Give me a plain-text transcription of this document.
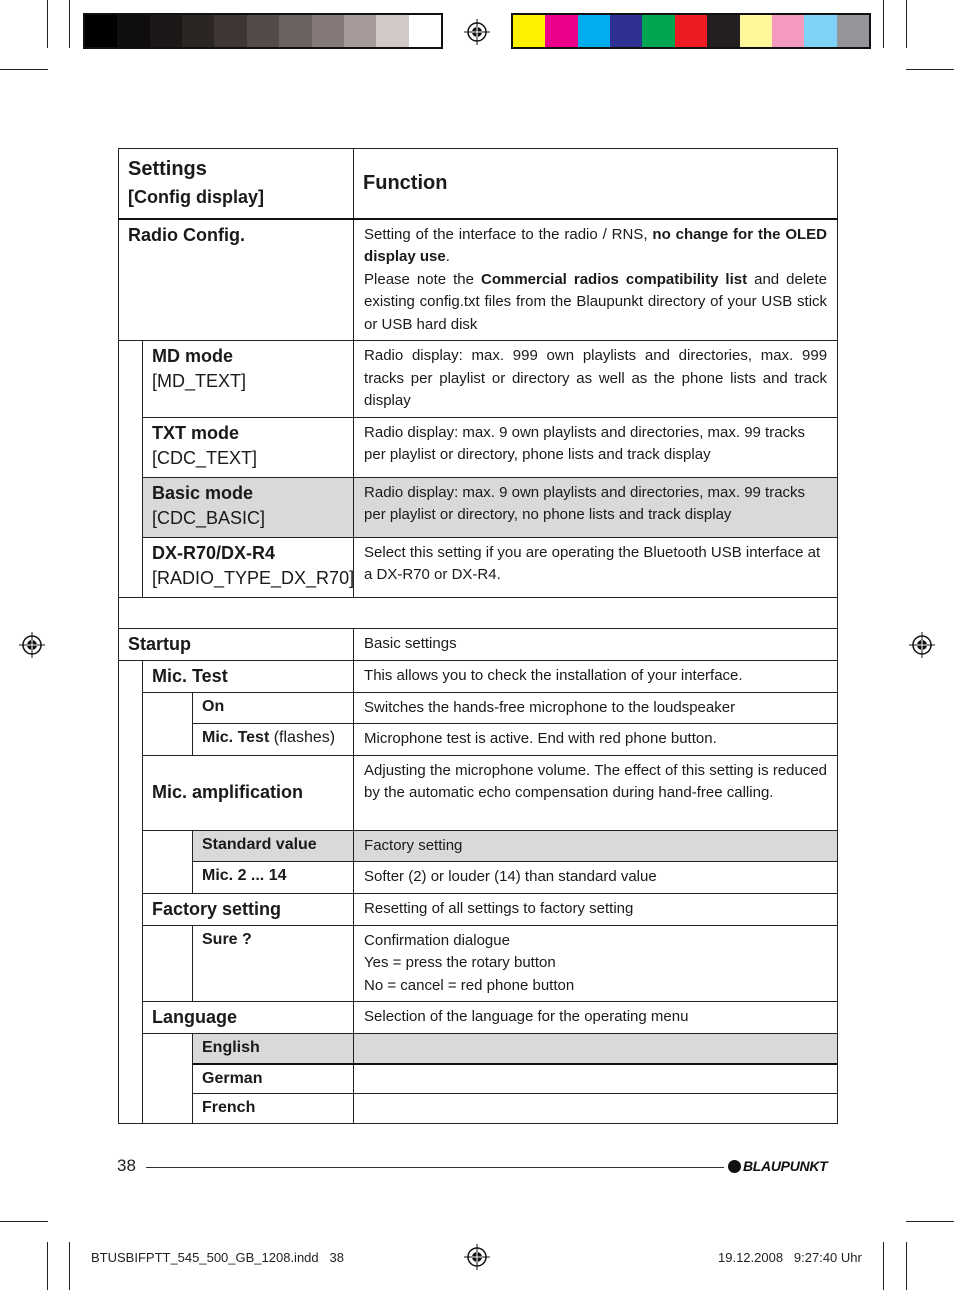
Settings
[Config display]			Function
Radio Config.			Setting of the interface to the radio / RNS, no change for the OLED display use.
Please note the Commercial radios compatibility list and delete existing config.txt files from the Blaupunkt directory of your USB stick or USB hard disk

	MD mode
[MD_TEXT]		Radio display: max. 999 own playlists and directories, max. 999 tracks per playlist or directory as well as the phone lists and track display

	TXT mode
[CDC_TEXT]		Radio display: max. 9 own playlists and directories, max. 99 tracks per playlist or directory, phone lists and track display

	Basic mode
[CDC_BASIC]		Radio display: max. 9 own playlists and directories, max. 99 tracks per playlist or directory, no phone lists and track display

	DX-R70/DX-R4
[RADIO_TYPE_DX_R70]		Select this setting if you are operating the Bluetooth USB interface at a DX-R70 or DX-R4.

Startup			Basic settings
	Mic. Test		This allows you to check the installation of your interface.
		On	Switches the hands-free microphone to the loudspeaker
		Mic. Test (flashes)	Microphone test is active. End with red phone button.
	Mic. amplification		Adjusting the microphone volume. The effect of this setting is reduced by the automatic echo compensation during hand-free calling.
		Standard value	Factory setting
		Mic. 2 ... 14	Softer (2) or louder (14) than standard value
	Factory setting		Resetting of all settings to factory setting
		Sure ?	Confirmation dialogue
Yes = press the rotary button
No = cancel = red phone button

	Language		Selection of the language for the operating menu
		English	
		German	
		French	
38	BLAUPUNKT
BTUSBIFPTT_545_500_GB_1208.indd   38	19.12.2008   9:27:40 Uhr
